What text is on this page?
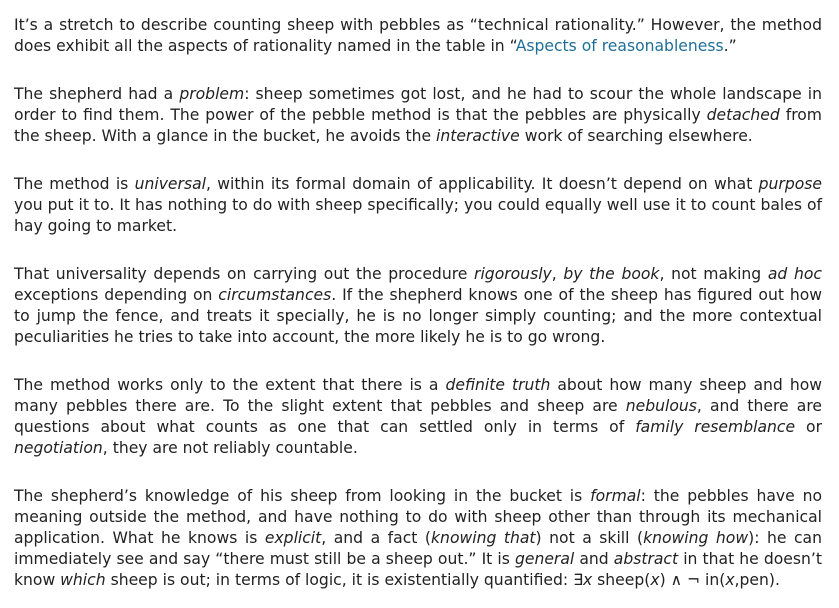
It’s a stretch to describe counting sheep with pebbles as “technical rationality.” However, the method does exhibit all the aspects of rationality named in the table in “Aspects of reasonableness.”

The shepherd had a problem: sheep sometimes got lost, and he had to scour the whole landscape in order to find them. The power of the pebble method is that the pebbles are physically detached from the sheep. With a glance in the bucket, he avoids the interactive work of searching elsewhere.

The method is universal, within its formal domain of applicability. It doesn’t depend on what purpose you put it to. It has nothing to do with sheep specifically; you could equally well use it to count bales of hay going to market.

That universality depends on carrying out the procedure rigorously, by the book, not making ad hoc exceptions depending on circumstances. If the shepherd knows one of the sheep has figured out how to jump the fence, and treats it specially, he is no longer simply counting; and the more contextual peculiarities he tries to take into account, the more likely he is to go wrong.

The method works only to the extent that there is a definite truth about how many sheep and how many pebbles there are. To the slight extent that pebbles and sheep are nebulous, and there are questions about what counts as one that can settled only in terms of family resemblance or negotiation, they are not reliably countable.

The shepherd’s knowledge of his sheep from looking in the bucket is formal: the pebbles have no meaning outside the method, and have nothing to do with sheep other than through its mechanical application. What he knows is explicit, and a fact (knowing that) not a skill (knowing how): he can immediately see and say “there must still be a sheep out.” It is general and abstract in that he doesn’t know which sheep is out; in terms of logic, it is existentially quantified: ∃x sheep(x) ∧ ¬ in(x,pen).
